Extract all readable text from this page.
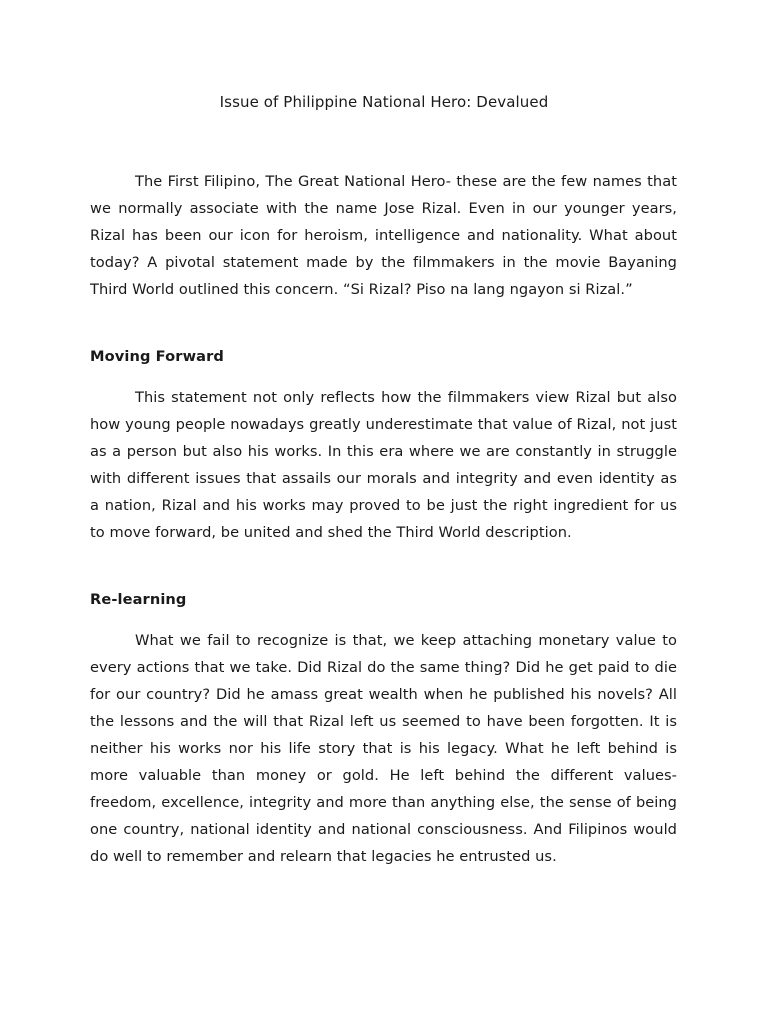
Issue of Philippine National Hero: Devalued

The First Filipino, The Great National Hero- these are the few names that we normally associate with the name Jose Rizal. Even in our younger years, Rizal has been our icon for heroism, intelligence and nationality. What about today? A pivotal statement made by the filmmakers in the movie Bayaning Third World outlined this concern. “Si Rizal? Piso na lang ngayon si Rizal.”

Moving Forward

This statement not only reflects how the filmmakers view Rizal but also how young people nowadays greatly underestimate that value of Rizal, not just as a person but also his works. In this era where we are constantly in struggle with different issues that assails our morals and integrity and even identity as a nation, Rizal and his works may proved to be just the right ingredient for us to move forward, be united and shed the Third World description.

Re-learning

What we fail to recognize is that, we keep attaching monetary value to every actions that we take. Did Rizal do the same thing? Did he get paid to die for our country? Did he amass great wealth when he published his novels? All the lessons and the will that Rizal left us seemed to have been forgotten. It is neither his works nor his life story that is his legacy. What he left behind is more valuable than money or gold. He left behind the different values-freedom, excellence, integrity and more than anything else, the sense of being one country, national identity and national consciousness. And Filipinos would do well to remember and relearn that legacies he entrusted us.
